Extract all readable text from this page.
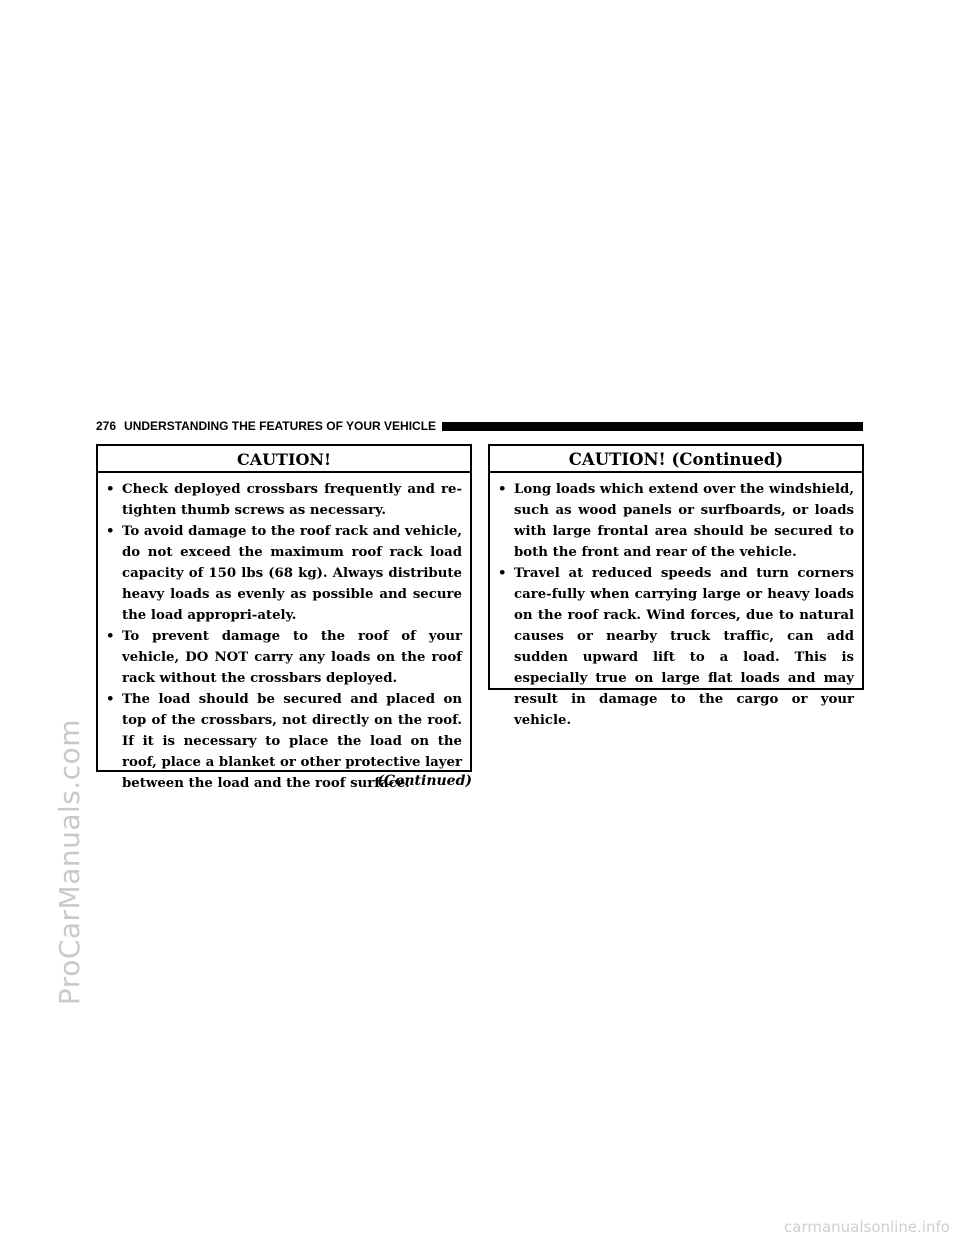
ProCarManuals.com
carmanualsonline.info
276 UNDERSTANDING THE FEATURES OF YOUR VEHICLE
CAUTION!
• Check deployed crossbars frequently and re-tighten thumb screws as necessary.
• To avoid damage to the roof rack and vehicle, do not exceed the maximum roof rack load capacity of 150 lbs (68 kg). Always distribute heavy loads as evenly as possible and secure the load appropri-ately.
• To prevent damage to the roof of your vehicle, DO NOT carry any loads on the roof rack without the crossbars deployed.
• The load should be secured and placed on top of the crossbars, not directly on the roof. If it is necessary to place the load on the roof, place a blanket or other protective layer between the load and the roof surface.
(Continued)
CAUTION! (Continued)
• Long loads which extend over the windshield, such as wood panels or surfboards, or loads with large frontal area should be secured to both the front and rear of the vehicle.
• Travel at reduced speeds and turn corners care-fully when carrying large or heavy loads on the roof rack. Wind forces, due to natural causes or nearby truck traffic, can add sudden upward lift to a load. This is especially true on large flat loads and may result in damage to the cargo or your vehicle.
